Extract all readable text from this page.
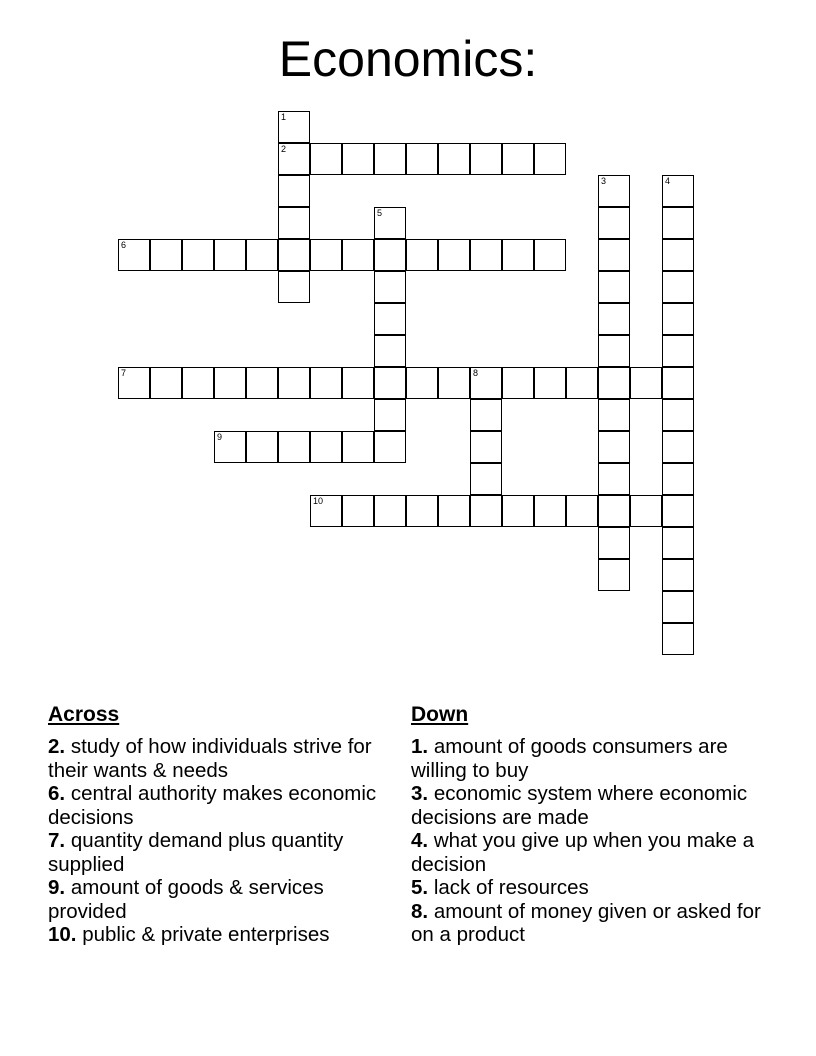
Economics:
1
2
3	4
5
6
7	8
9
10
Across

2. study of how individuals strive for their wants & needs

6. central authority makes economic decisions

7. quantity demand plus quantity supplied

9. amount of goods & services provided

10. public & private enterprises

Down

1. amount of goods consumers are willing to buy

3. economic system where economic decisions are made

4. what you give up when you make a decision

5. lack of resources

8. amount of money given or asked for on a product
